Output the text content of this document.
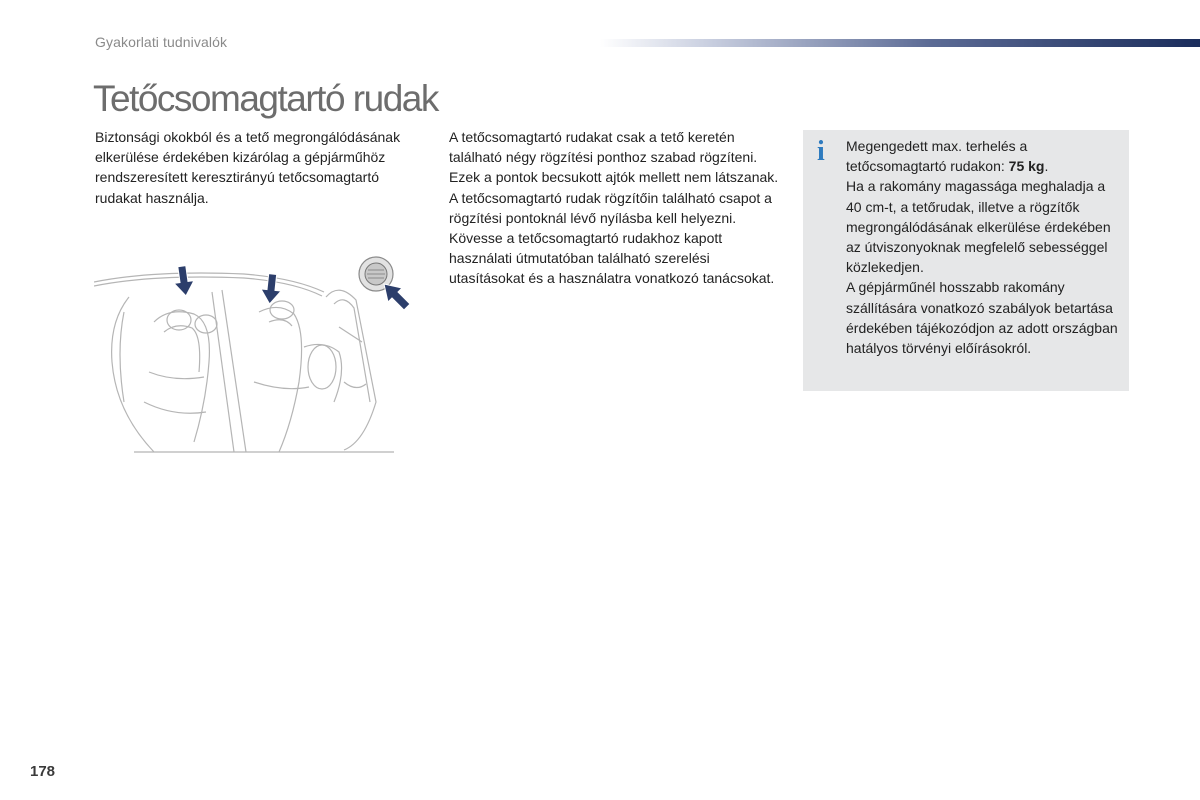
Gyakorlati tudnivalók
Tetőcsomagtartó rudak

Biztonsági okokból és a tető megrongálódásának elkerülése érdekében kizárólag a gépjárműhöz rendszeresített keresztirányú tetőcsomagtartó rudakat használja.

A tetőcsomagtartó rudakat csak a tető keretén található négy rögzítési ponthoz szabad rögzíteni. Ezek a pontok becsukott ajtók mellett nem látszanak.

A tetőcsomagtartó rudak rögzítőin található csapot a rögzítési pontoknál lévő nyílásba kell helyezni.

Kövesse a tetőcsomagtartó rudakhoz kapott használati útmutatóban található szerelési utasításokat és a használatra vonatkozó tanácsokat.

i Megengedett max. terhelés a tetőcsomagtartó rudakon: 75 kg.

Ha a rakomány magassága meghaladja a 40 cm-t, a tetőrudak, illetve a rögzítők megrongálódásának elkerülése érdekében az útviszonyoknak megfelelő sebességgel közlekedjen.

A gépjárműnél hosszabb rakomány szállítására vonatkozó szabályok betartása érdekében tájékozódjon az adott országban hatályos törvényi előírásokról.

178
